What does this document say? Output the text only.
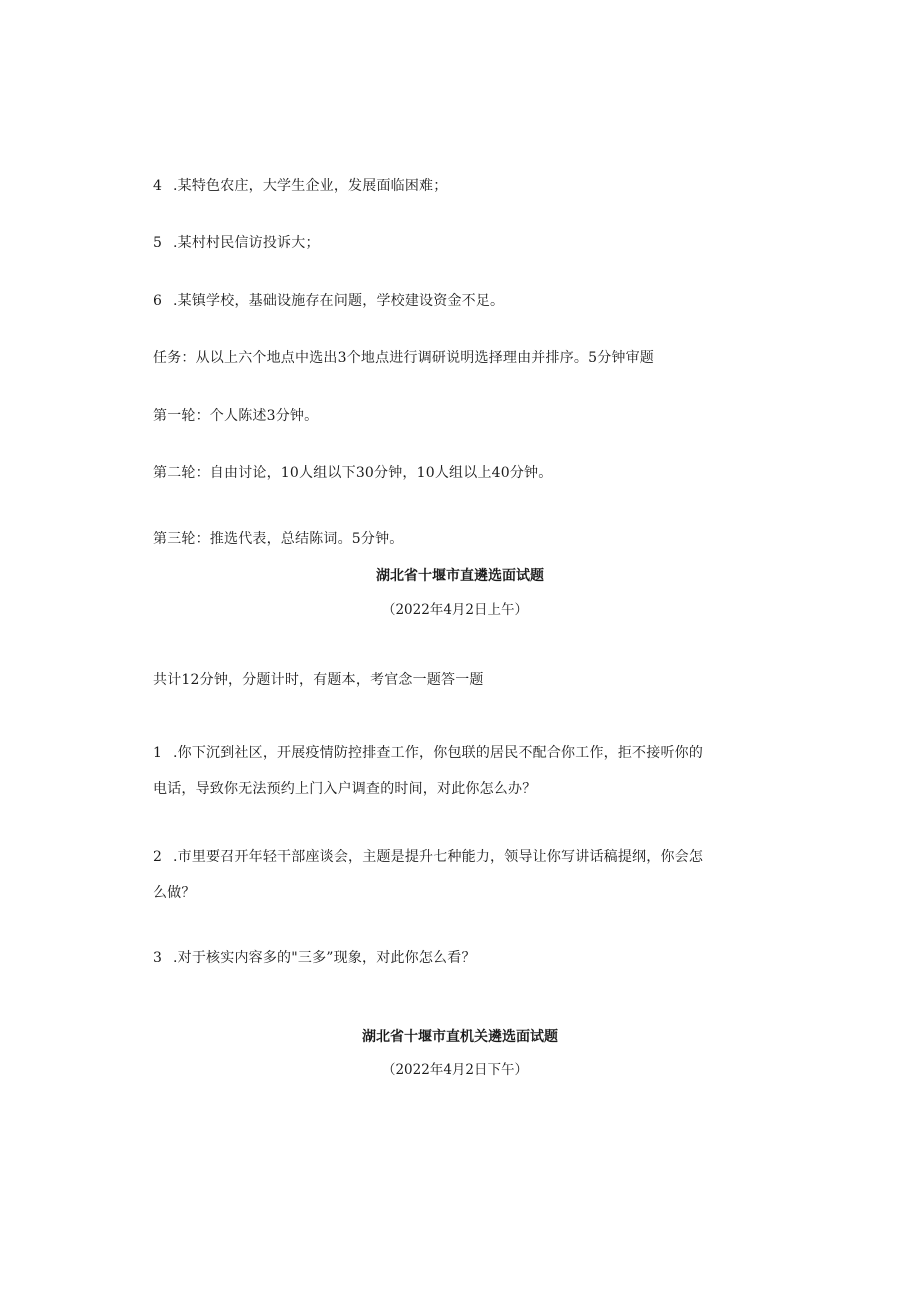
4 .某特色农庄，大学生企业，发展面临困难；
5 .某村村民信访投诉大；
6 .某镇学校，基础设施存在问题，学校建设资金不足。
任务：从以上六个地点中选出3个地点进行调研说明选择理由并排序。5分钟审题
第一轮：个人陈述3分钟。
第二轮：自由讨论，10人组以下30分钟，10人组以上40分钟。
第三轮：推选代表，总结陈词。5分钟。
湖北省十堰市直遴选面试题
（2022年4月2日上午）
共计12分钟，分题计时，有题本，考官念一题答一题
1 .你下沉到社区，开展疫情防控排查工作，你包联的居民不配合你工作，拒不接听你的
电话，导致你无法预约上门入户调查的时间，对此你怎么办？
2 .市里要召开年轻干部座谈会，主题是提升七种能力，领导让你写讲话稿提纲，你会怎
么做？
3 .对于核实内容多的"三多”现象，对此你怎么看？
湖北省十堰市直机关遴选面试题
（2022年4月2日下午）
